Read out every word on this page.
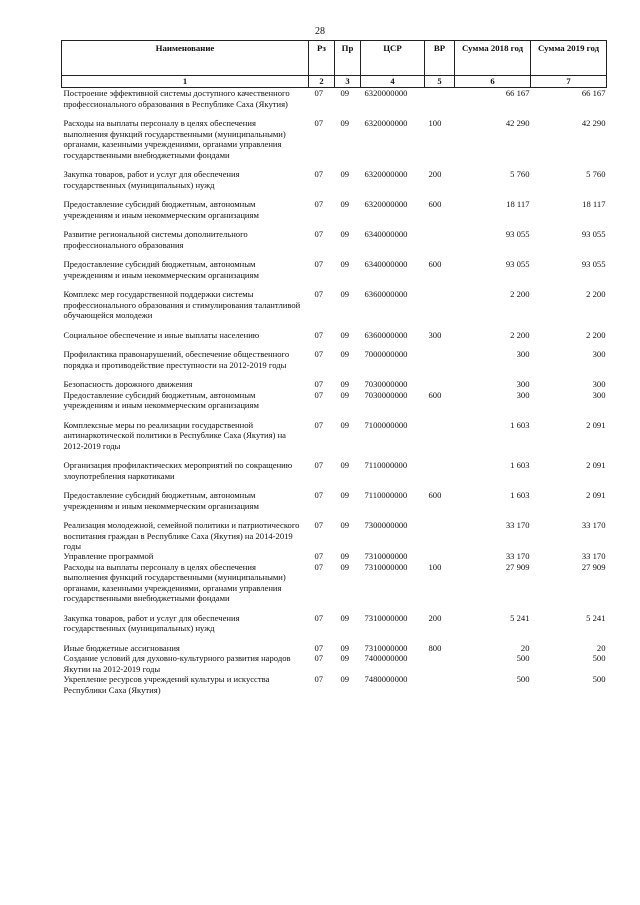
28
Наименование	Рз	Пр	ЦСР	ВР	Сумма 2018 год	Сумма 2019 год
1	2	3	4	5	6	7
Построение эффективной системы доступного качественного профессионального образования в Республике Саха (Якутия)	07	09	6320000000		66 167	66 167
Расходы на выплаты персоналу в целях обеспечения выполнения функций государственными (муниципальными) органами, казенными учреждениями, органами управления государственными внебюджетными фондами	07	09	6320000000	100	42 290	42 290
Закупка товаров, работ и услуг для обеспечения государственных (муниципальных) нужд	07	09	6320000000	200	5 760	5 760
Предоставление субсидий бюджетным, автономным учреждениям и иным некоммерческим организациям	07	09	6320000000	600	18 117	18 117
Развитие региональной системы дополнительного профессионального образования	07	09	6340000000		93 055	93 055
Предоставление субсидий бюджетным, автономным учреждениям и иным некоммерческим организациям	07	09	6340000000	600	93 055	93 055
Комплекс мер государственной поддержки системы профессионального образования и стимулирования талантливой обучающейся молодежи	07	09	6360000000		2 200	2 200
Социальное обеспечение и иные выплаты населению	07	09	6360000000	300	2 200	2 200
Профилактика правонарушений, обеспечение общественного порядка и противодействие преступности на 2012-2019 годы	07	09	7000000000		300	300
Безопасность дорожного движения	07	09	7030000000		300	300
Предоставление субсидий бюджетным, автономным учреждениям и иным некоммерческим организациям	07	09	7030000000	600	300	300
Комплексные меры по реализации государственной антинаркотической политики в Республике Саха (Якутия) на 2012-2019 годы	07	09	7100000000		1 603	2 091
Организация профилактических мероприятий по сокращению злоупотребления наркотиками	07	09	7110000000		1 603	2 091
Предоставление субсидий бюджетным, автономным учреждениям и иным некоммерческим организациям	07	09	7110000000	600	1 603	2 091
Реализация молодежной, семейной политики и патриотического воспитания граждан в Республике Саха (Якутия) на 2014-2019 годы	07	09	7300000000		33 170	33 170
Управление программой	07	09	7310000000		33 170	33 170
Расходы на выплаты персоналу в целях обеспечения выполнения функций государственными (муниципальными) органами, казенными учреждениями, органами управления государственными внебюджетными фондами	07	09	7310000000	100	27 909	27 909
Закупка товаров, работ и услуг для обеспечения государственных (муниципальных) нужд	07	09	7310000000	200	5 241	5 241
Иные бюджетные ассигнования	07	09	7310000000	800	20	20
Создание условий для духовно-культурного развития народов Якутии на 2012-2019 годы	07	09	7400000000		500	500
Укрепление ресурсов учреждений культуры и искусства Республики Саха (Якутия)	07	09	7480000000		500	500
